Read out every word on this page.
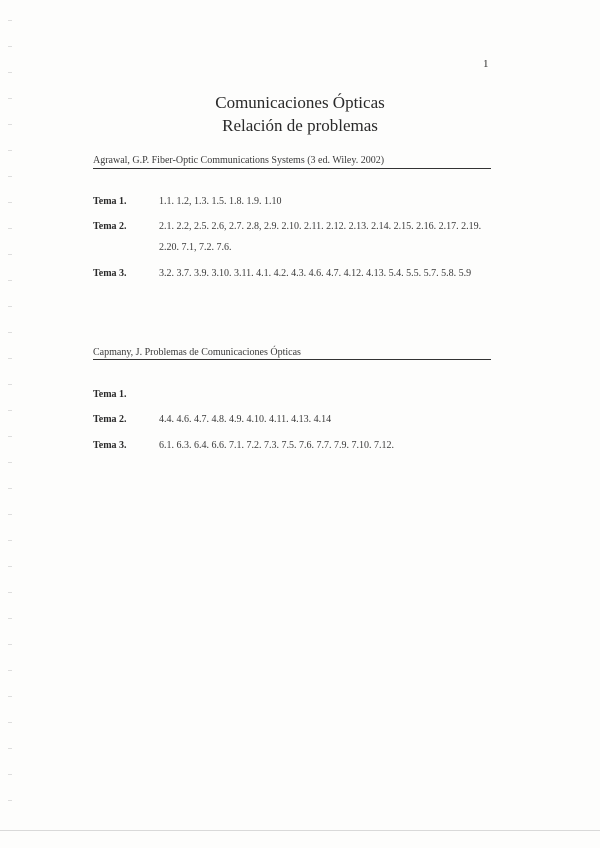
1
Comunicaciones Ópticas
Relación de problemas
Agrawal, G.P. Fiber-Optic Communications Systems (3 ed. Wiley. 2002)
Tema 1.	1.1. 1.2, 1.3. 1.5. 1.8. 1.9. 1.10
Tema 2.	2.1. 2.2, 2.5. 2.6, 2.7. 2.8, 2.9. 2.10. 2.11. 2.12. 2.13. 2.14. 2.15. 2.16. 2.17. 2.19. 2.20. 7.1, 7.2. 7.6.
Tema 3.	3.2. 3.7. 3.9. 3.10. 3.11. 4.1. 4.2. 4.3. 4.6. 4.7. 4.12. 4.13. 5.4. 5.5. 5.7. 5.8. 5.9
Capmany, J. Problemas de Comunicaciones Ópticas
Tema 1.
Tema 2.	4.4. 4.6. 4.7. 4.8. 4.9. 4.10. 4.11. 4.13. 4.14
Tema 3.	6.1. 6.3. 6.4. 6.6. 7.1. 7.2. 7.3. 7.5. 7.6. 7.7. 7.9. 7.10. 7.12.
